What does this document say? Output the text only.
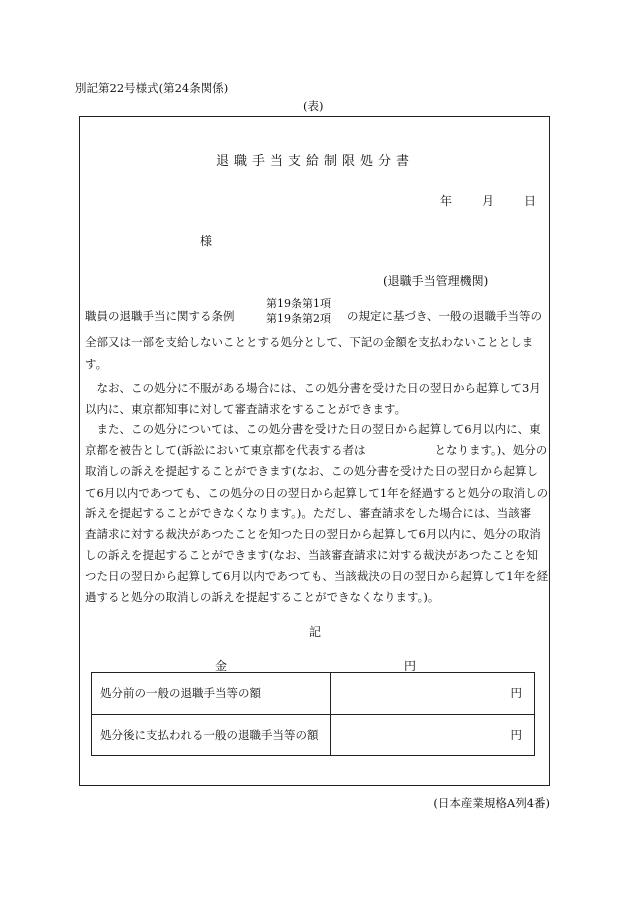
別記第22号様式(第24条関係)
(表)
退職手当支給制限処分書
年	月	日
様
(退職手当管理機関)
職員の退職手当に関する条例
第19条第1項
第19条第2項 の規定に基づき、一般の退職手当等の
全部又は一部を支給しないこととする処分として、下記の金額を支払わないこととしま
す。
　なお、この処分に不服がある場合には、この処分書を受けた日の翌日から起算して3月
以内に、東京都知事に対して審査請求をすることができます。
　また、この処分については、この処分書を受けた日の翌日から起算して6月以内に、東
京都を被告として(訴訟において東京都を代表する者は　　　　　　となります。)、処分の
取消しの訴えを提起することができます(なお、この処分書を受けた日の翌日から起算し
て6月以内であつても、この処分の日の翌日から起算して1年を経過すると処分の取消しの
訴えを提起することができなくなります。)。ただし、審査請求をした場合には、当該審
査請求に対する裁決があつたことを知つた日の翌日から起算して6月以内に、処分の取消
しの訴えを提起することができます(なお、当該審査請求に対する裁決があつたことを知
つた日の翌日から起算して6月以内であつても、当該裁決の日の翌日から起算して1年を経
過すると処分の取消しの訴えを提起することができなくなります。)。
記
金	円
処分前の一般の退職手当等の額	円
処分後に支払われる一般の退職手当等の額	円
(日本産業規格A列4番)
